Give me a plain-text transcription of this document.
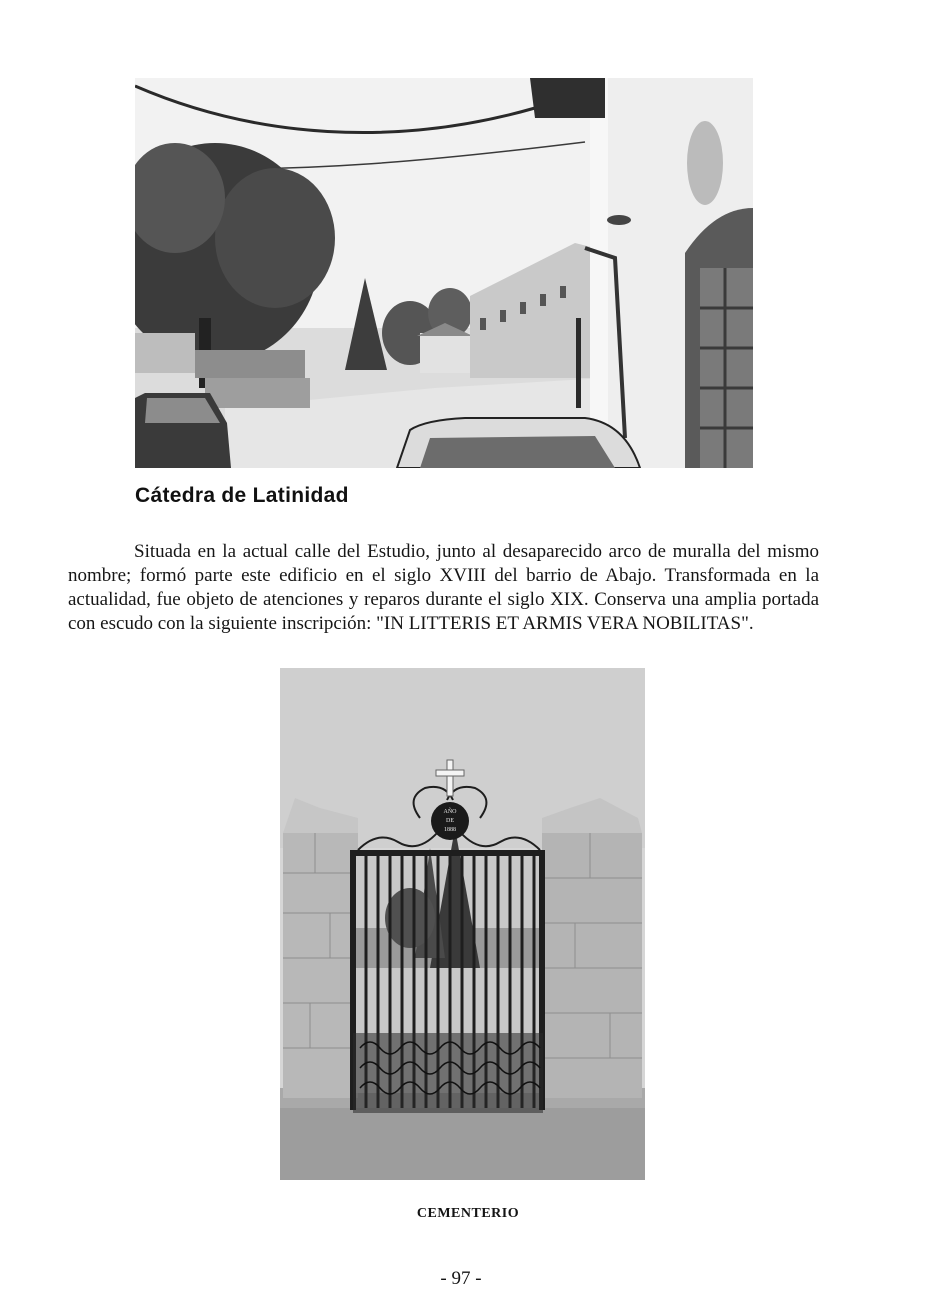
Cátedra de Latinidad
Situada en la actual calle del Estudio, junto al desaparecido arco de muralla del mismo nombre; formó parte este edificio en el siglo XVIII del barrio de Abajo. Transformada en la actualidad, fue objeto de atenciones y reparos durante el siglo XIX. Conserva una amplia portada con escudo con la siguiente inscripción: "IN LITTERIS ET ARMIS VERA NOBILITAS".
AÑO
DE
1888
CEMENTERIO
- 97 -
